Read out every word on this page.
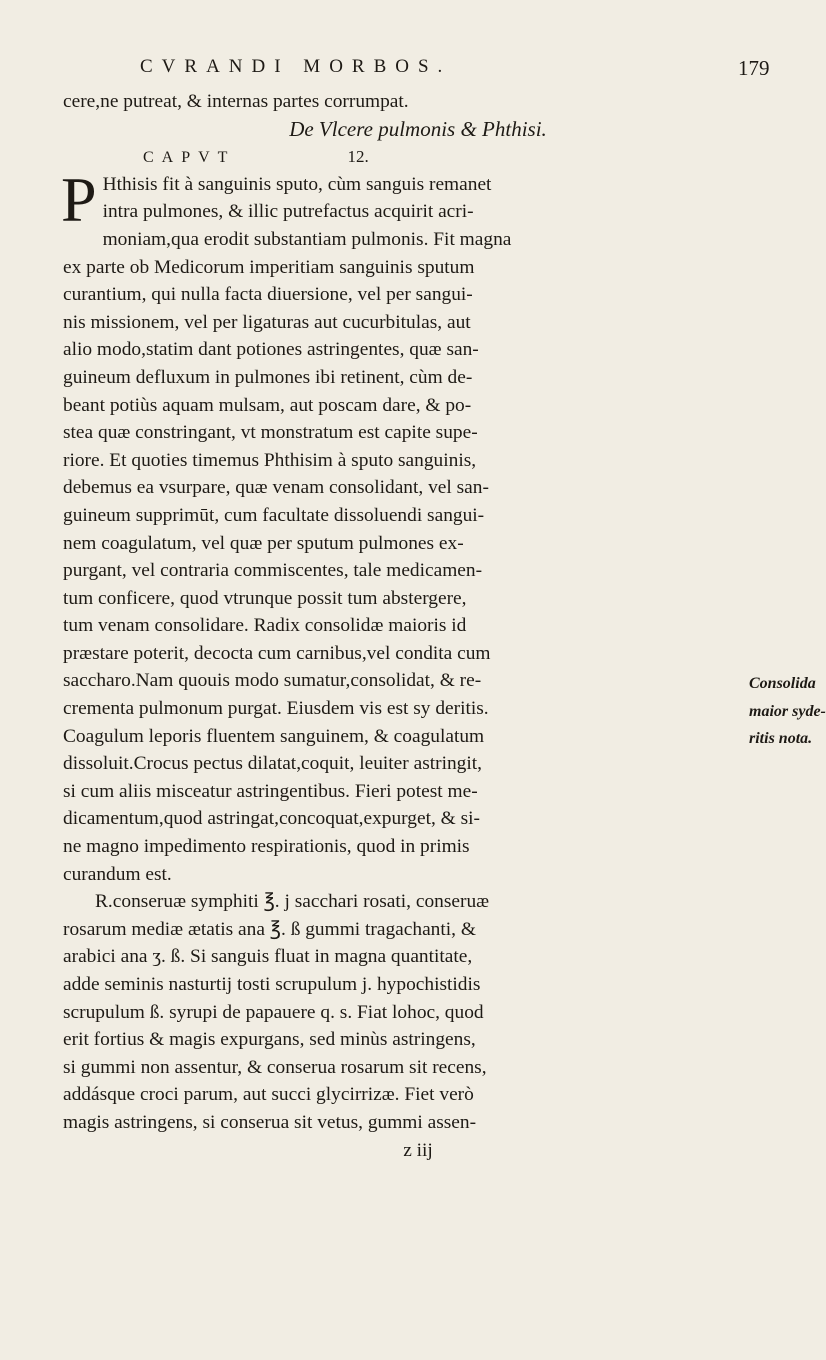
CVRANDI MORBOS.	179
cere,ne putreat, & internas partes corrumpat.
De Vlcere pulmonis & Phthisi.
CAPVT	12.
P Hthisis fit à sanguinis sputo, cùm sanguis remanet
intra pulmones, & illic putrefactus acquirit acri-
moniam,qua erodit substantiam pulmonis. Fit magna
ex parte ob Medicorum imperitiam sanguinis sputum
curantium, qui nulla facta diuersione, vel per sangui-
nis missionem, vel per ligaturas aut cucurbitulas, aut
alio modo,statim dant potiones astringentes, quæ san-
guineum defluxum in pulmones ibi retinent, cùm de-
beant potiùs aquam mulsam, aut poscam dare, & po-
stea quæ constringant, vt monstratum est capite supe-
riore. Et quoties timemus Phthisim à sputo sanguinis,
debemus ea vsurpare, quæ venam consolidant, vel san-
guineum supprimūt, cum facultate dissoluendi sangui-
nem coagulatum, vel quæ per sputum pulmones ex-
purgant, vel contraria commiscentes, tale medicamen-
tum conficere, quod vtrunque possit tum abstergere,
tum venam consolidare. Radix consolidæ maioris id
præstare poterit, decocta cum carnibus,vel condita cum
saccharo.Nam quouis modo sumatur,consolidat, & re-
crementa pulmonum purgat. Eiusdem vis est sy deritis.
Coagulum leporis fluentem sanguinem, & coagulatum
dissoluit.Crocus pectus dilatat,coquit, leuiter astringit,
si cum aliis misceatur astringentibus. Fieri potest me-
dicamentum,quod astringat,concoquat,expurget, & si-
ne magno impedimento respirationis, quod in primis
curandum est.
R.conseruæ symphiti ℥. j sacchari rosati, conseruæ
rosarum mediæ ætatis ana ℥. ß gummi tragachanti, &
arabici ana ʒ. ß. Si sanguis fluat in magna quantitate,
adde seminis nasturtij tosti scrupulum j. hypochistidis
scrupulum ß. syrupi de papauere q. s. Fiat lohoc, quod
erit fortius & magis expurgans, sed minùs astringens,
si gummi non assentur, & conserua rosarum sit recens,
addásque croci parum, aut succi glycirrizæ. Fiet verò
magis astringens, si conserua sit vetus, gummi assen-
z iij
Consolida
maior syde-
ritis nota.
